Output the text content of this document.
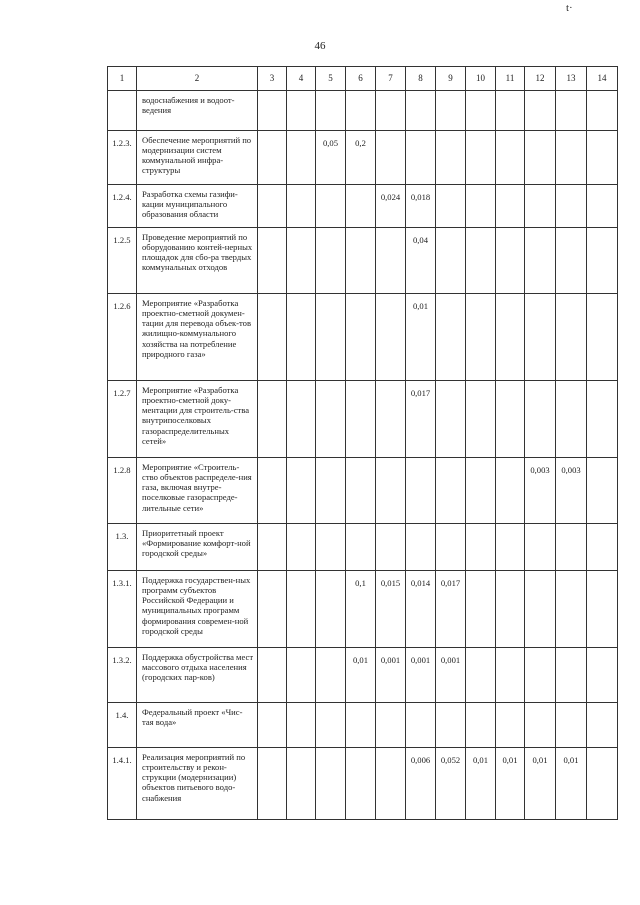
46
t·
1	2	3	4	5	6	7	8	9	10	11	12	13	14
	водоснабжения и водоот-ведения												
1.2.3.	Обеспечение мероприятий по модернизации систем коммунальной инфра-структуры			0,05	0,2								
1.2.4.	Разработка схемы газифи-кации муниципального образования области					0,024	0,018						
1.2.5	Проведение мероприятий по оборудованию контей-нерных площадок для сбо-ра твердых коммунальных отходов						0,04						
1.2.6	Мероприятие «Разработка проектно-сметной докумен-тации для перевода объек-тов жилищно-коммунального хозяйства на потребление природного газа»						0,01						
1.2.7	Мероприятие «Разработка проектно-сметной доку-ментации для строитель-ства внутрипоселковых газораспределительных сетей»						0,017						
1.2.8	Мероприятие «Строитель-ство объектов распределе-ния газа, включая внутре-поселковые газораспреде-лительные сети»										0,003	0,003	
1.3.	Приоритетный проект «Формирование комфорт-ной городской среды»												
1.3.1.	Поддержка государствен-ных программ субъектов Российской Федерации и муниципальных программ формирования современ-ной городской среды				0,1	0,015	0,014	0,017					
1.3.2.	Поддержка обустройства мест массового отдыха населения (городских пар-ков)				0,01	0,001	0,001	0,001					
1.4.	Федеральный проект «Чис-тая вода»												
1.4.1.	Реализация мероприятий по строительству и рекон-струкции (модернизации) объектов питьевого водо-снабжения						0,006	0,052	0,01	0,01	0,01	0,01	
